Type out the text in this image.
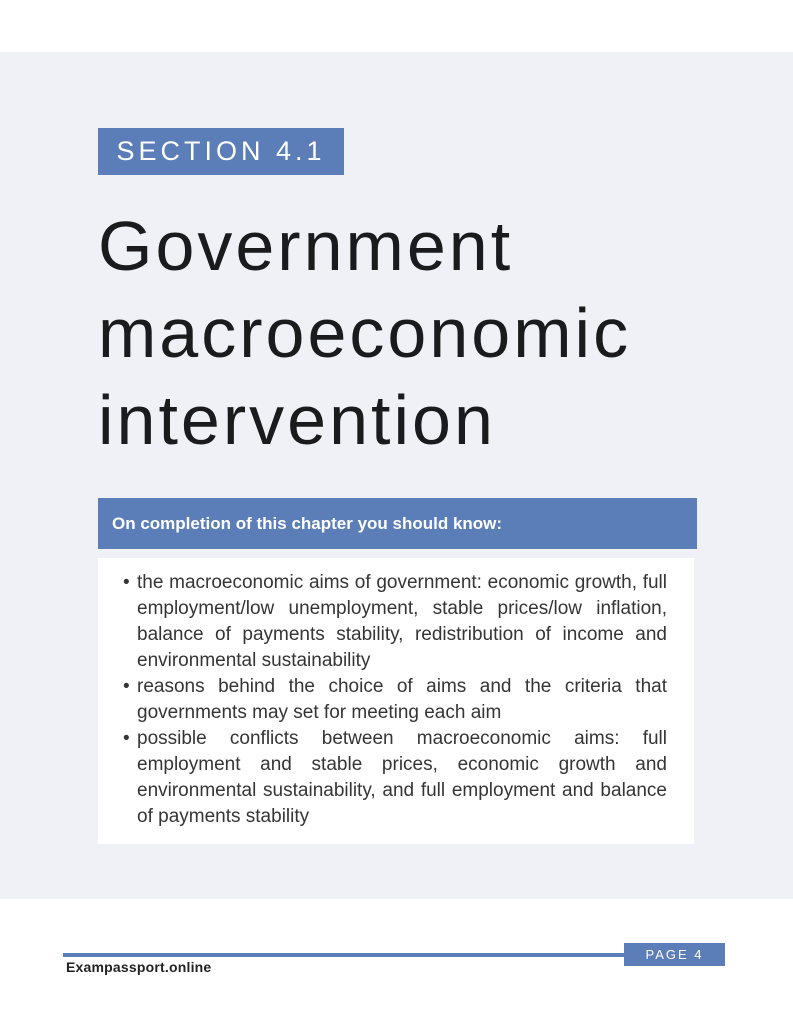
SECTION 4.1
Government macroeconomic intervention
On completion of this chapter you should know:
• the macroeconomic aims of government: economic growth, full employment/low unemployment, stable prices/low inflation, balance of payments stability, redistribution of income and environmental sustainability
• reasons behind the choice of aims and the criteria that governments may set for meeting each aim
• possible conflicts between macroeconomic aims: full employment and stable prices, economic growth and environmental sustainability, and full employment and balance of payments stability
PAGE 4
Exampassport.online
